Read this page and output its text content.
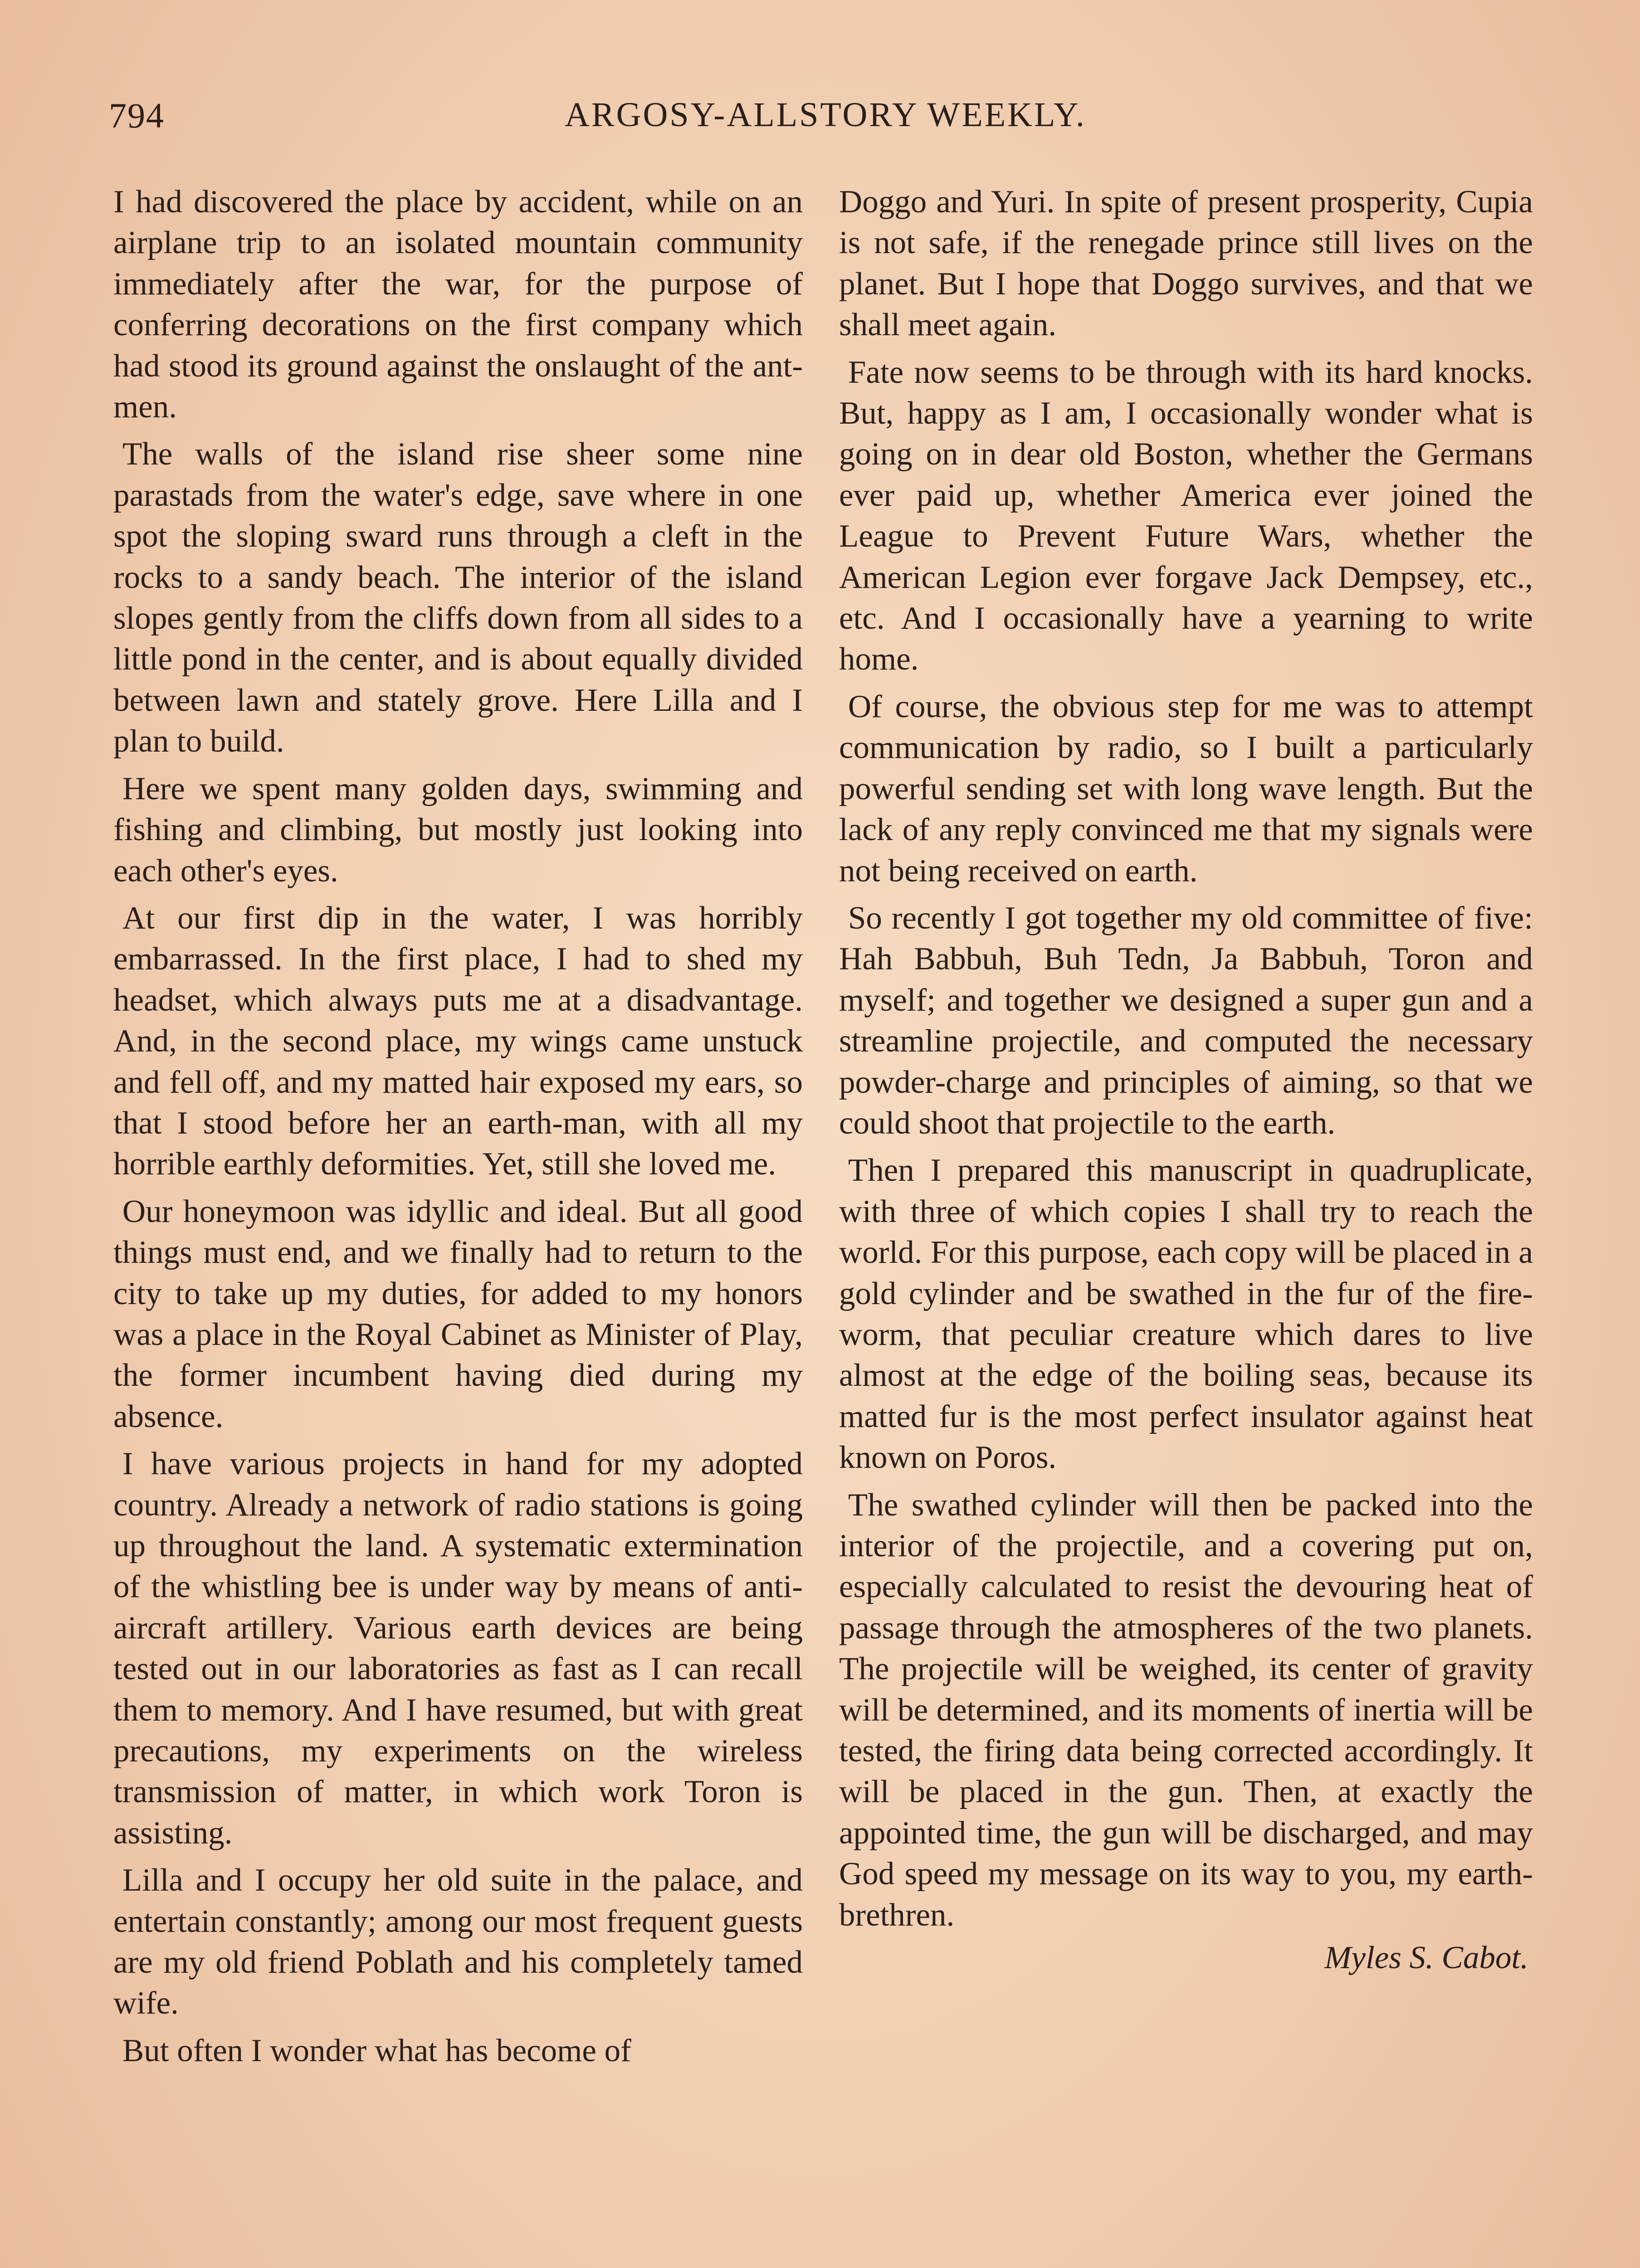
794	ARGOSY-ALLSTORY WEEKLY.

I had discovered the place by accident, while on an airplane trip to an isolated mountain community immediately after the war, for the purpose of conferring decorations on the first company which had stood its ground against the onslaught of the ant-men.

The walls of the island rise sheer some nine parastads from the water's edge, save where in one spot the sloping sward runs through a cleft in the rocks to a sandy beach. The interior of the island slopes gently from the cliffs down from all sides to a little pond in the center, and is about equally divided between lawn and stately grove. Here Lilla and I plan to build.

Here we spent many golden days, swimming and fishing and climbing, but mostly just looking into each other's eyes.

At our first dip in the water, I was horribly embarrassed. In the first place, I had to shed my headset, which always puts me at a disadvantage. And, in the second place, my wings came unstuck and fell off, and my matted hair exposed my ears, so that I stood before her an earth-man, with all my horrible earthly deformities. Yet, still she loved me.

Our honeymoon was idyllic and ideal. But all good things must end, and we finally had to return to the city to take up my duties, for added to my honors was a place in the Royal Cabinet as Minister of Play, the former incumbent having died during my absence.

I have various projects in hand for my adopted country. Already a network of radio stations is going up throughout the land. A systematic extermination of the whistling bee is under way by means of anti-aircraft artillery. Various earth devices are being tested out in our laboratories as fast as I can recall them to memory. And I have resumed, but with great precautions, my experiments on the wireless transmission of matter, in which work Toron is assisting.

Lilla and I occupy her old suite in the palace, and entertain constantly; among our most frequent guests are my old friend Poblath and his completely tamed wife.

But often I wonder what has become of

Doggo and Yuri. In spite of present prosperity, Cupia is not safe, if the renegade prince still lives on the planet. But I hope that Doggo survives, and that we shall meet again.

Fate now seems to be through with its hard knocks. But, happy as I am, I occasionally wonder what is going on in dear old Boston, whether the Germans ever paid up, whether America ever joined the League to Prevent Future Wars, whether the American Legion ever forgave Jack Dempsey, etc., etc. And I occasionally have a yearning to write home.

Of course, the obvious step for me was to attempt communication by radio, so I built a particularly powerful sending set with long wave length. But the lack of any reply convinced me that my signals were not being received on earth.

So recently I got together my old committee of five: Hah Babbuh, Buh Tedn, Ja Babbuh, Toron and myself; and together we designed a super gun and a streamline projectile, and computed the necessary powder-charge and principles of aiming, so that we could shoot that projectile to the earth.

Then I prepared this manuscript in quadruplicate, with three of which copies I shall try to reach the world. For this purpose, each copy will be placed in a gold cylinder and be swathed in the fur of the fire-worm, that peculiar creature which dares to live almost at the edge of the boiling seas, because its matted fur is the most perfect insulator against heat known on Poros.

The swathed cylinder will then be packed into the interior of the projectile, and a covering put on, especially calculated to resist the devouring heat of passage through the atmospheres of the two planets. The projectile will be weighed, its center of gravity will be determined, and its moments of inertia will be tested, the firing data being corrected accordingly. It will be placed in the gun. Then, at exactly the appointed time, the gun will be discharged, and may God speed my message on its way to you, my earth-brethren.

Myles S. Cabot.
